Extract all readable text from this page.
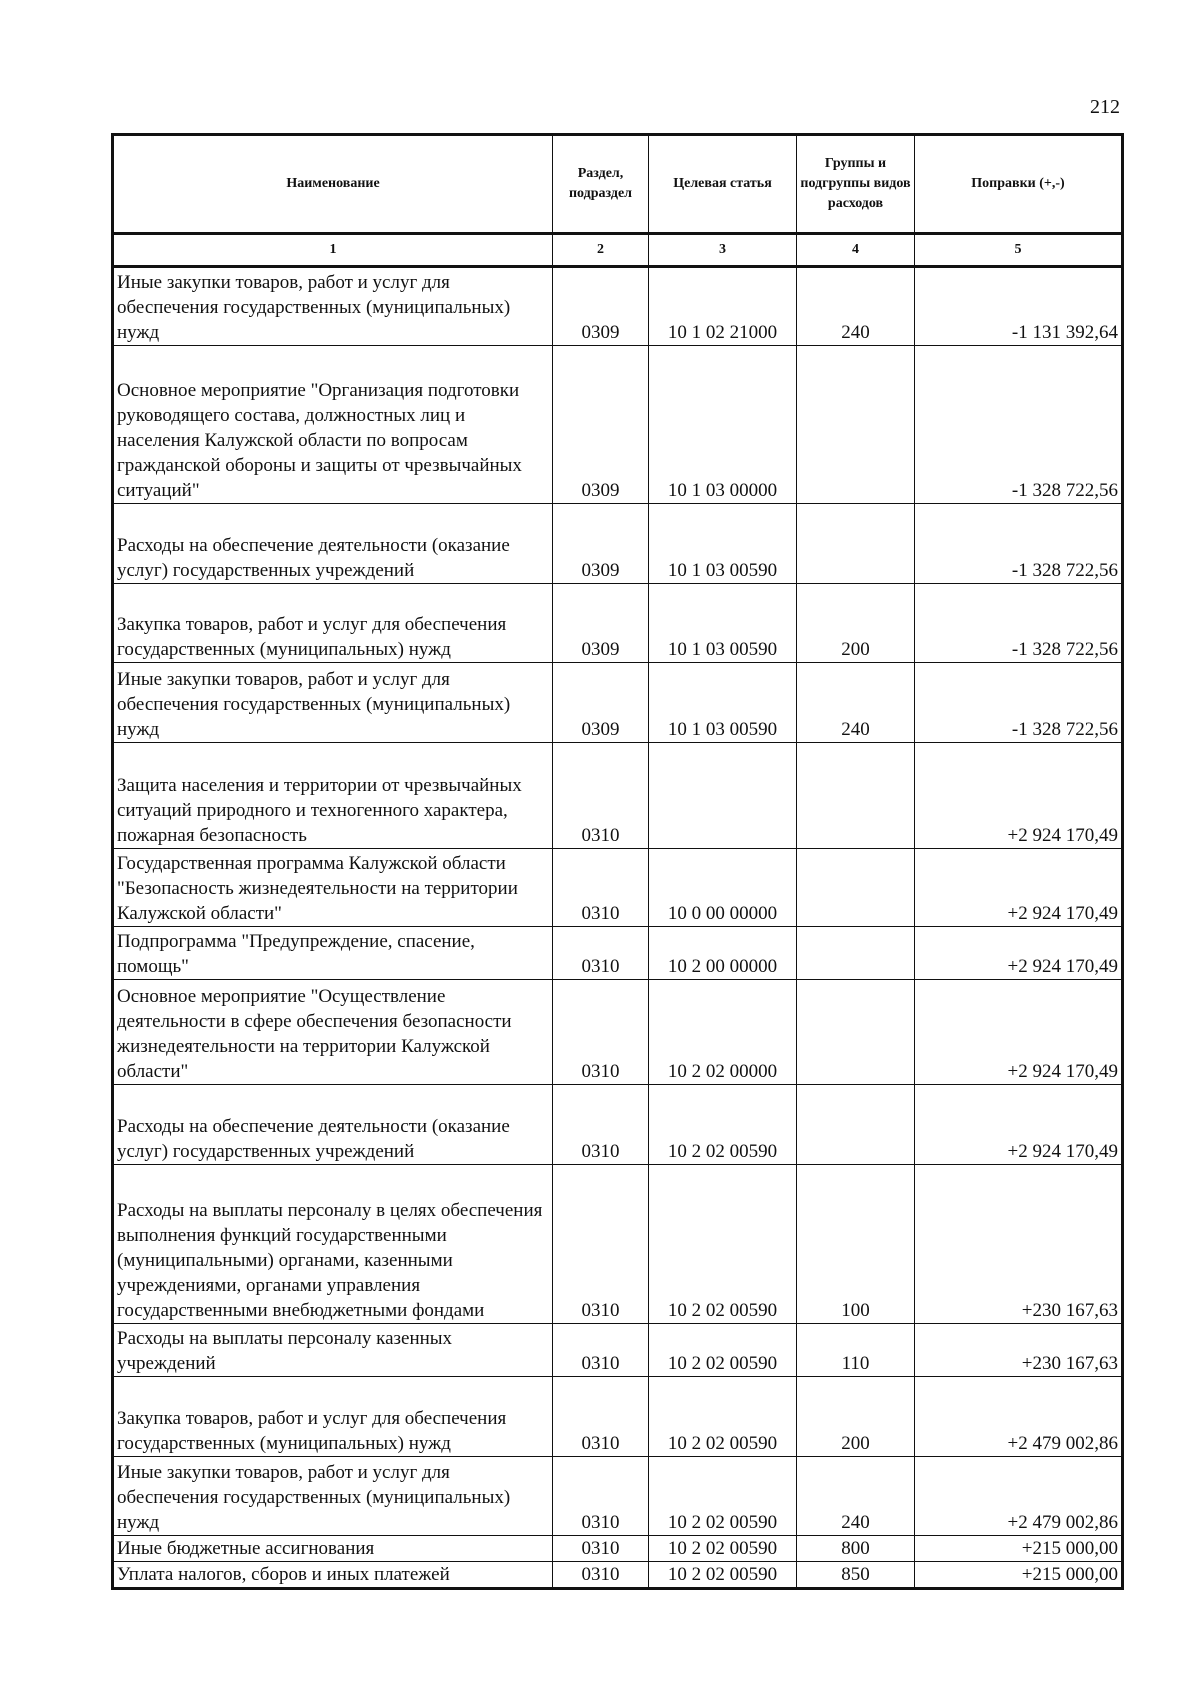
212
Наименование	Раздел, подраздел	Целевая статья	Группы и подгруппы видов расходов	Поправки (+,-)
1	2	3	4	5
Иные закупки товаров, работ и услуг для обеспечения государственных (муниципальных) нужд	0309	10 1 02 21000	240	-1 131 392,64
Основное мероприятие "Организация подготовки руководящего состава, должностных лиц и населения Калужской области по вопросам гражданской обороны и защиты от чрезвычайных ситуаций"	0309	10 1 03 00000		-1 328 722,56
Расходы на обеспечение деятельности (оказание услуг) государственных учреждений	0309	10 1 03 00590		-1 328 722,56
Закупка товаров, работ и услуг для обеспечения государственных (муниципальных) нужд	0309	10 1 03 00590	200	-1 328 722,56
Иные закупки товаров, работ и услуг для обеспечения государственных (муниципальных) нужд	0309	10 1 03 00590	240	-1 328 722,56
Защита населения и территории от чрезвычайных ситуаций природного и техногенного характера, пожарная безопасность	0310			+2 924 170,49
Государственная программа Калужской области "Безопасность жизнедеятельности на территории Калужской области"	0310	10 0 00 00000		+2 924 170,49
Подпрограмма "Предупреждение, спасение, помощь"	0310	10 2 00 00000		+2 924 170,49
Основное мероприятие "Осуществление деятельности в сфере обеспечения безопасности жизнедеятельности на территории Калужской области"	0310	10 2 02 00000		+2 924 170,49
Расходы на обеспечение деятельности (оказание услуг) государственных учреждений	0310	10 2 02 00590		+2 924 170,49
Расходы на выплаты персоналу в целях обеспечения выполнения функций государственными (муниципальными) органами, казенными учреждениями, органами управления государственными внебюджетными фондами	0310	10 2 02 00590	100	+230 167,63
Расходы на выплаты персоналу казенных учреждений	0310	10 2 02 00590	110	+230 167,63
Закупка товаров, работ и услуг для обеспечения государственных (муниципальных) нужд	0310	10 2 02 00590	200	+2 479 002,86
Иные закупки товаров, работ и услуг для обеспечения государственных (муниципальных) нужд	0310	10 2 02 00590	240	+2 479 002,86
Иные бюджетные ассигнования	0310	10 2 02 00590	800	+215 000,00
Уплата налогов, сборов и иных платежей	0310	10 2 02 00590	850	+215 000,00
